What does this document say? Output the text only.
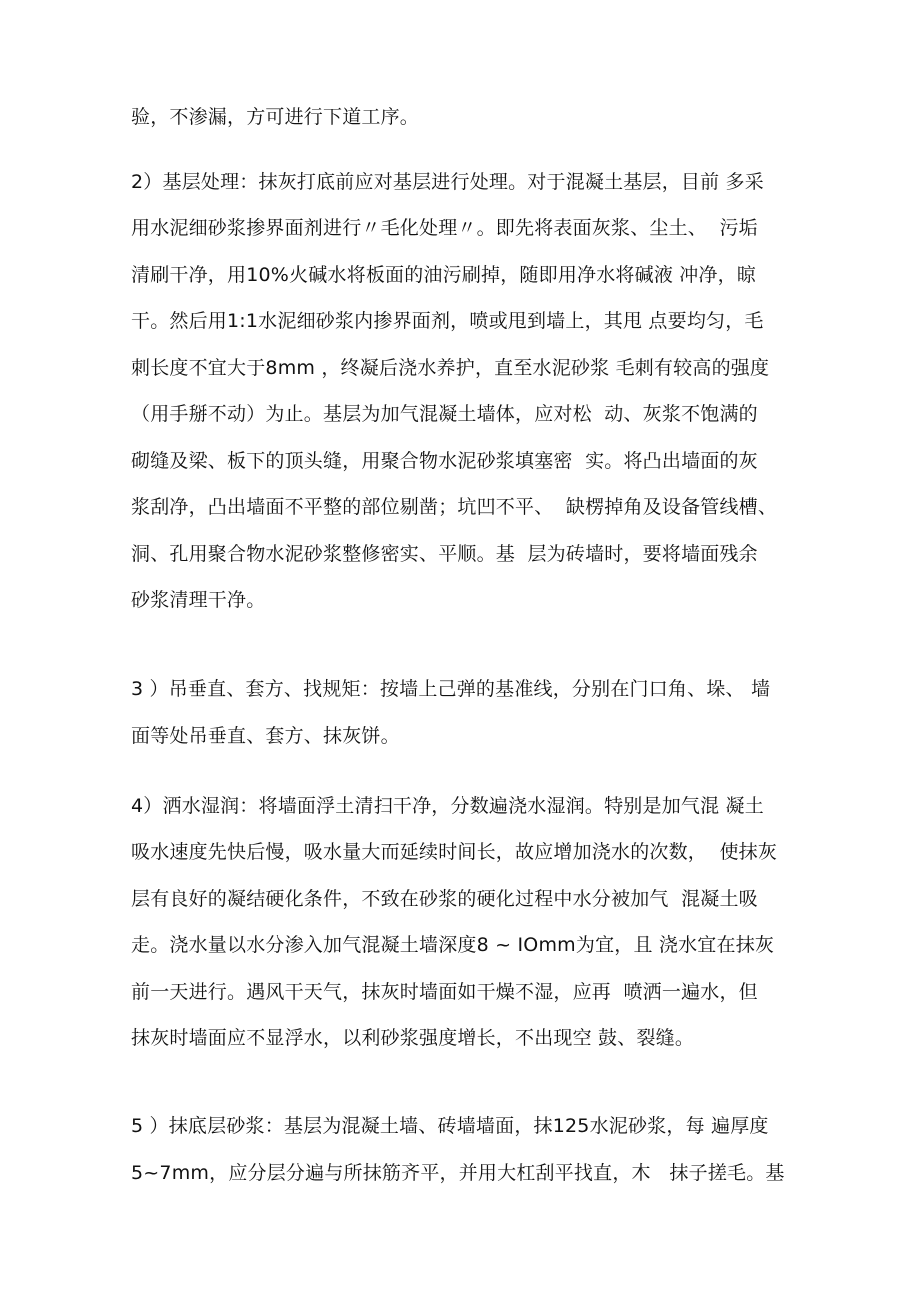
验，不渗漏，方可进行下道工序。
2）基层处理：抹灰打底前应对基层进行处理。对于混凝土基层，目前 多采
用水泥细砂浆掺界面剂进行〃毛化处理〃。即先将表面灰浆、尘土、  污垢
清刷干净，用10%火碱水将板面的油污刷掉，随即用净水将碱液 冲净，晾
干。然后用1:1水泥细砂浆内掺界面剂，喷或甩到墙上，其甩 点要均匀，毛
刺长度不宜大于8mm ，终凝后浇水养护，直至水泥砂浆 毛刺有较高的强度
（用手掰不动）为止。基层为加气混凝土墙体，应对松  动、灰浆不饱满的
砌缝及梁、板下的顶头缝，用聚合物水泥砂浆填塞密  实。将凸出墙面的灰
浆刮净，凸出墙面不平整的部位剔凿；坑凹不平、  缺楞掉角及设备管线槽、
洞、孔用聚合物水泥砂浆整修密实、平顺。基  层为砖墙时，要将墙面残余
砂浆清理干净。
3 ）吊垂直、套方、找规矩：按墙上己弹的基准线，分别在门口角、垛、 墙
面等处吊垂直、套方、抹灰饼。
4）洒水湿润：将墙面浮土清扫干净，分数遍浇水湿润。特别是加气混 凝土
吸水速度先快后慢，吸水量大而延续时间长，故应增加浇水的次数，  使抹灰
层有良好的凝结硬化条件，不致在砂浆的硬化过程中水分被加气  混凝土吸
走。浇水量以水分渗入加气混凝土墙深度8 ~ IOmm为宜，且 浇水宜在抹灰
前一天进行。遇风干天气，抹灰时墙面如干燥不湿，应再  喷洒一遍水，但
抹灰时墙面应不显浮水，以利砂浆强度增长，不出现空 鼓、裂缝。
5 ）抹底层砂浆：基层为混凝土墙、砖墙墙面，抹125水泥砂浆，每 遍厚度
5~7mm，应分层分遍与所抹筋齐平，并用大杠刮平找直，木   抹子搓毛。基
